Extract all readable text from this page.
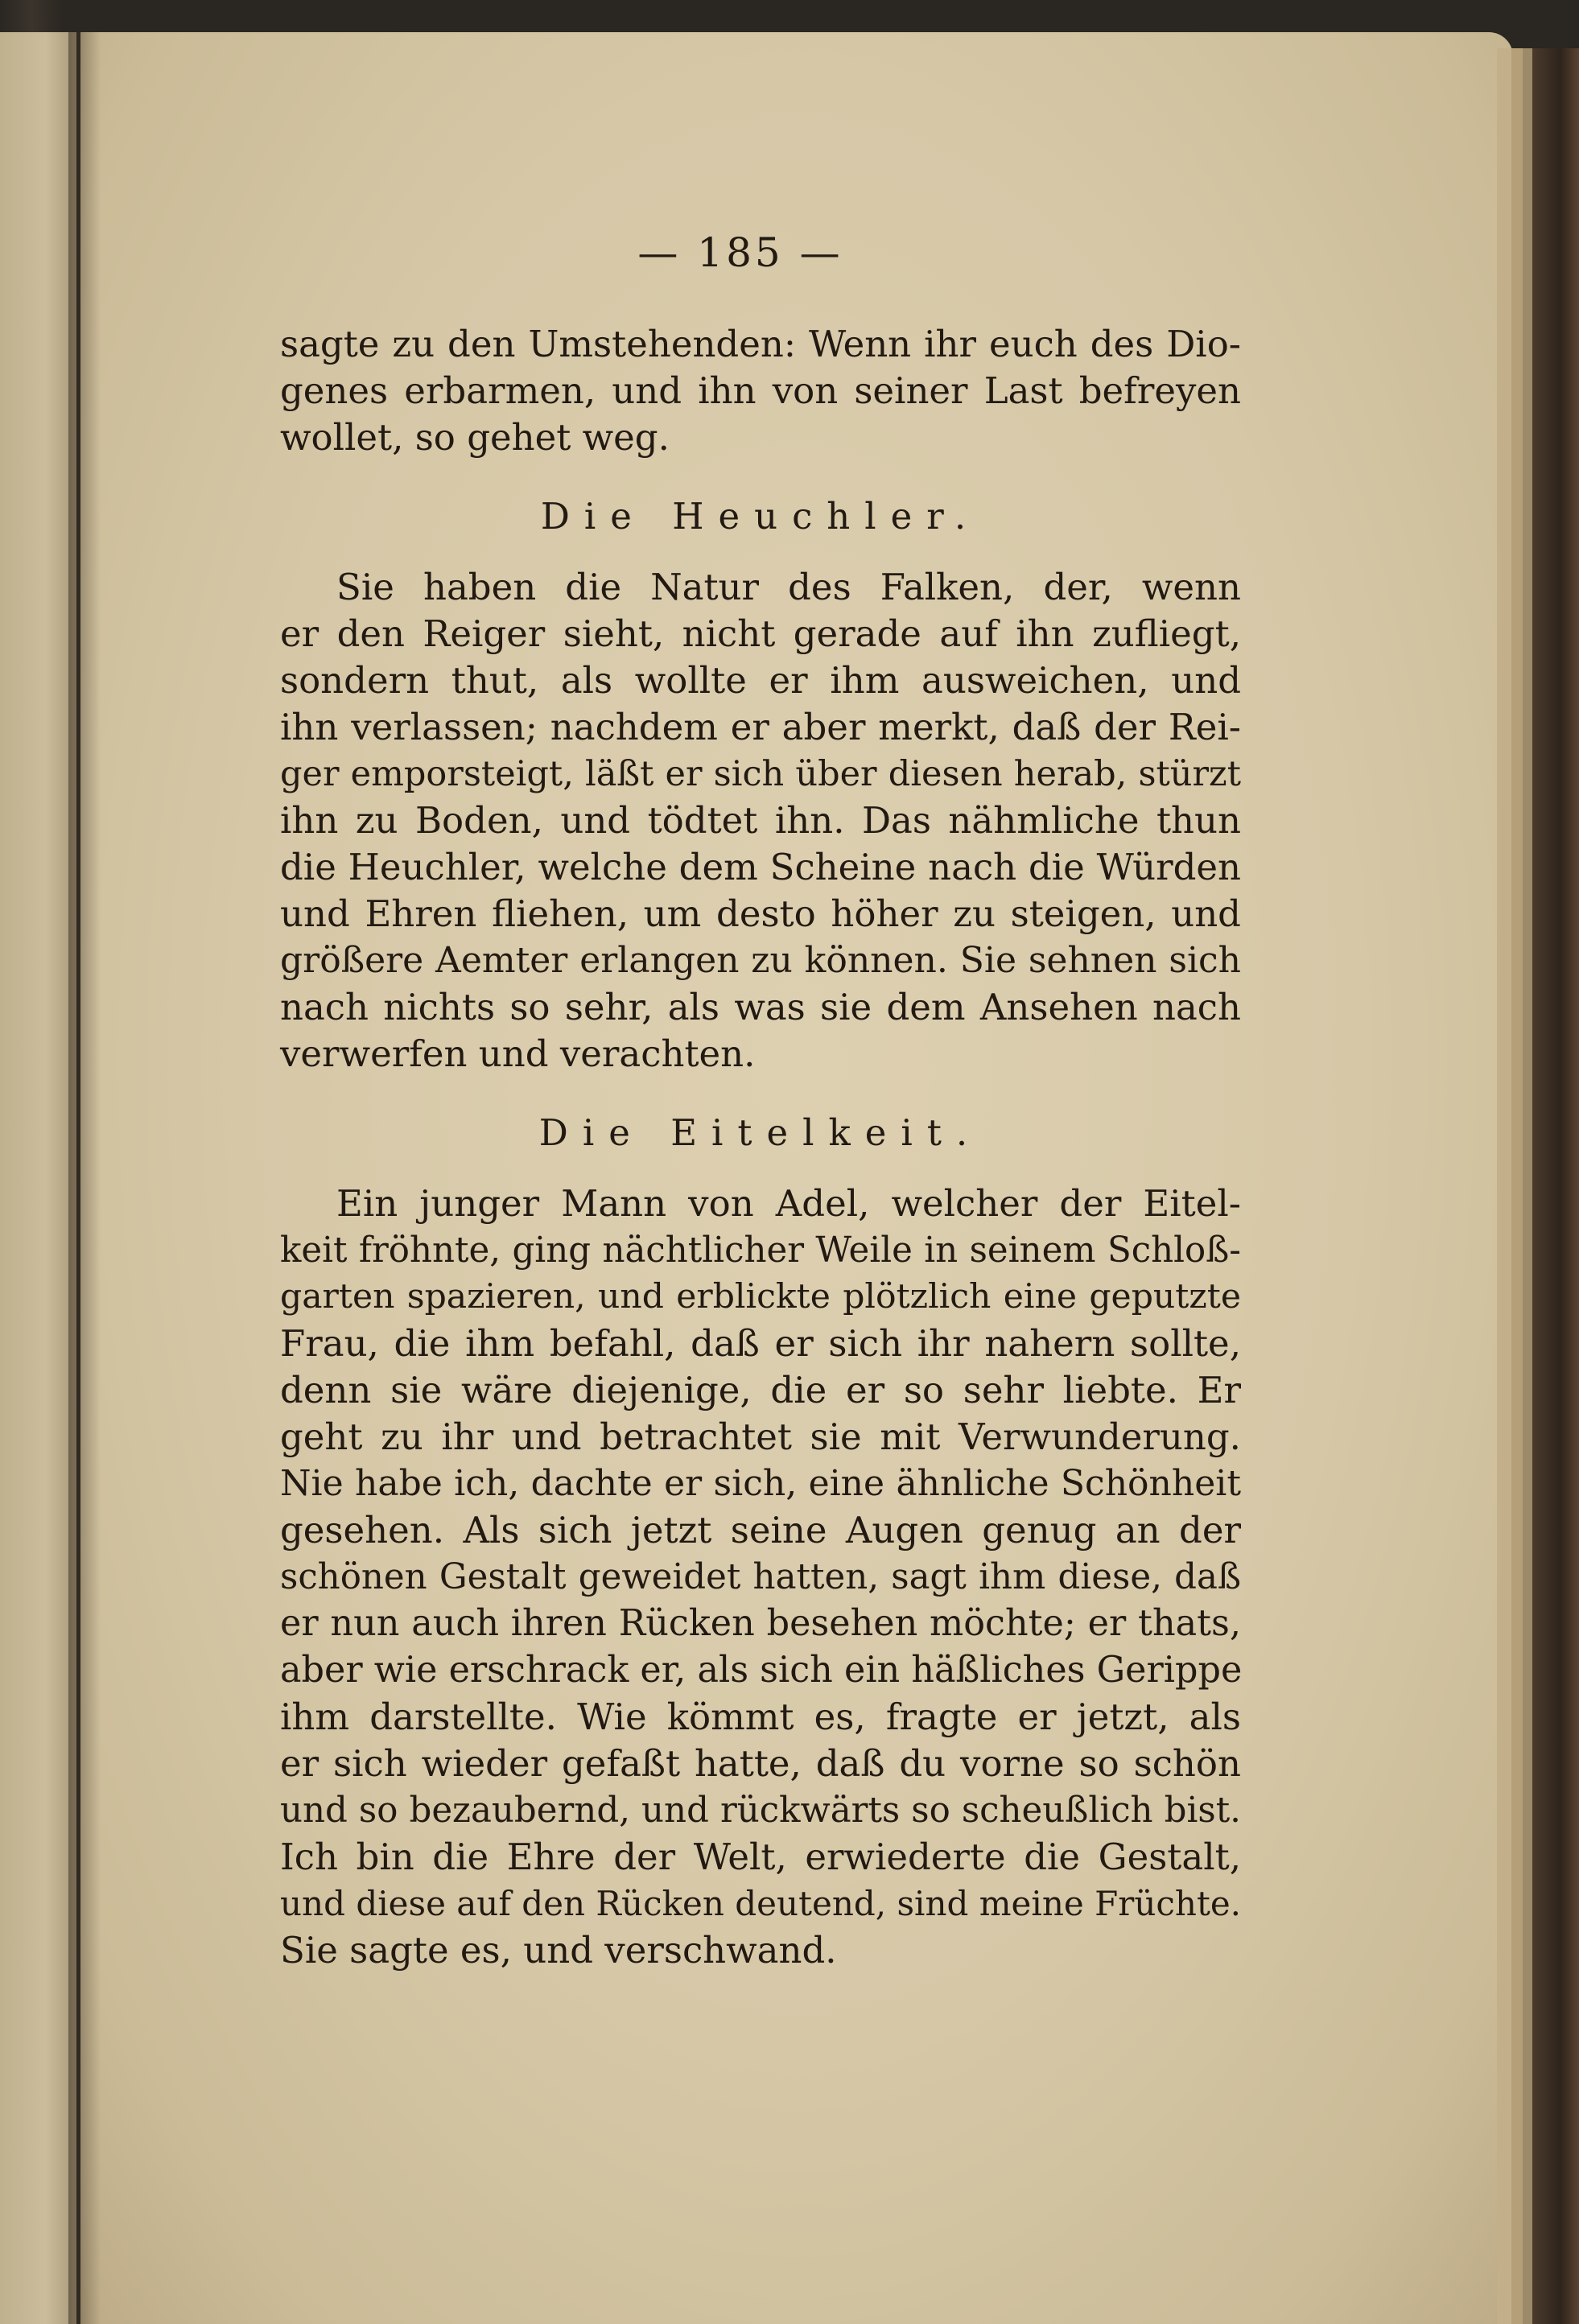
— 185 —
sagte zu den Umstehenden: Wenn ihr euch des Dio-
genes erbarmen, und ihn von seiner Last befreyen
wollet, so gehet weg.
Die Heuchler.
Sie haben die Natur des Falken, der, wenn
er den Reiger sieht, nicht gerade auf ihn zufliegt,
sondern thut, als wollte er ihm ausweichen, und
ihn verlassen; nachdem er aber merkt, daß der Rei-
ger emporsteigt, läßt er sich über diesen herab, stürzt
ihn zu Boden, und tödtet ihn. Das nähmliche thun
die Heuchler, welche dem Scheine nach die Würden
und Ehren fliehen, um desto höher zu steigen, und
größere Aemter erlangen zu können. Sie sehnen sich
nach nichts so sehr, als was sie dem Ansehen nach
verwerfen und verachten.
Die Eitelkeit.
Ein junger Mann von Adel, welcher der Eitel-
keit fröhnte, ging nächtlicher Weile in seinem Schloß-
garten spazieren, und erblickte plötzlich eine geputzte
Frau, die ihm befahl, daß er sich ihr nahern sollte,
denn sie wäre diejenige, die er so sehr liebte. Er
geht zu ihr und betrachtet sie mit Verwunderung.
Nie habe ich, dachte er sich, eine ähnliche Schönheit
gesehen. Als sich jetzt seine Augen genug an der
schönen Gestalt geweidet hatten, sagt ihm diese, daß
er nun auch ihren Rücken besehen möchte; er thats,
aber wie erschrack er, als sich ein häßliches Gerippe
ihm darstellte. Wie kömmt es, fragte er jetzt, als
er sich wieder gefaßt hatte, daß du vorne so schön
und so bezaubernd, und rückwärts so scheußlich bist.
Ich bin die Ehre der Welt, erwiederte die Gestalt,
und diese auf den Rücken deutend, sind meine Früchte.
Sie sagte es, und verschwand.
